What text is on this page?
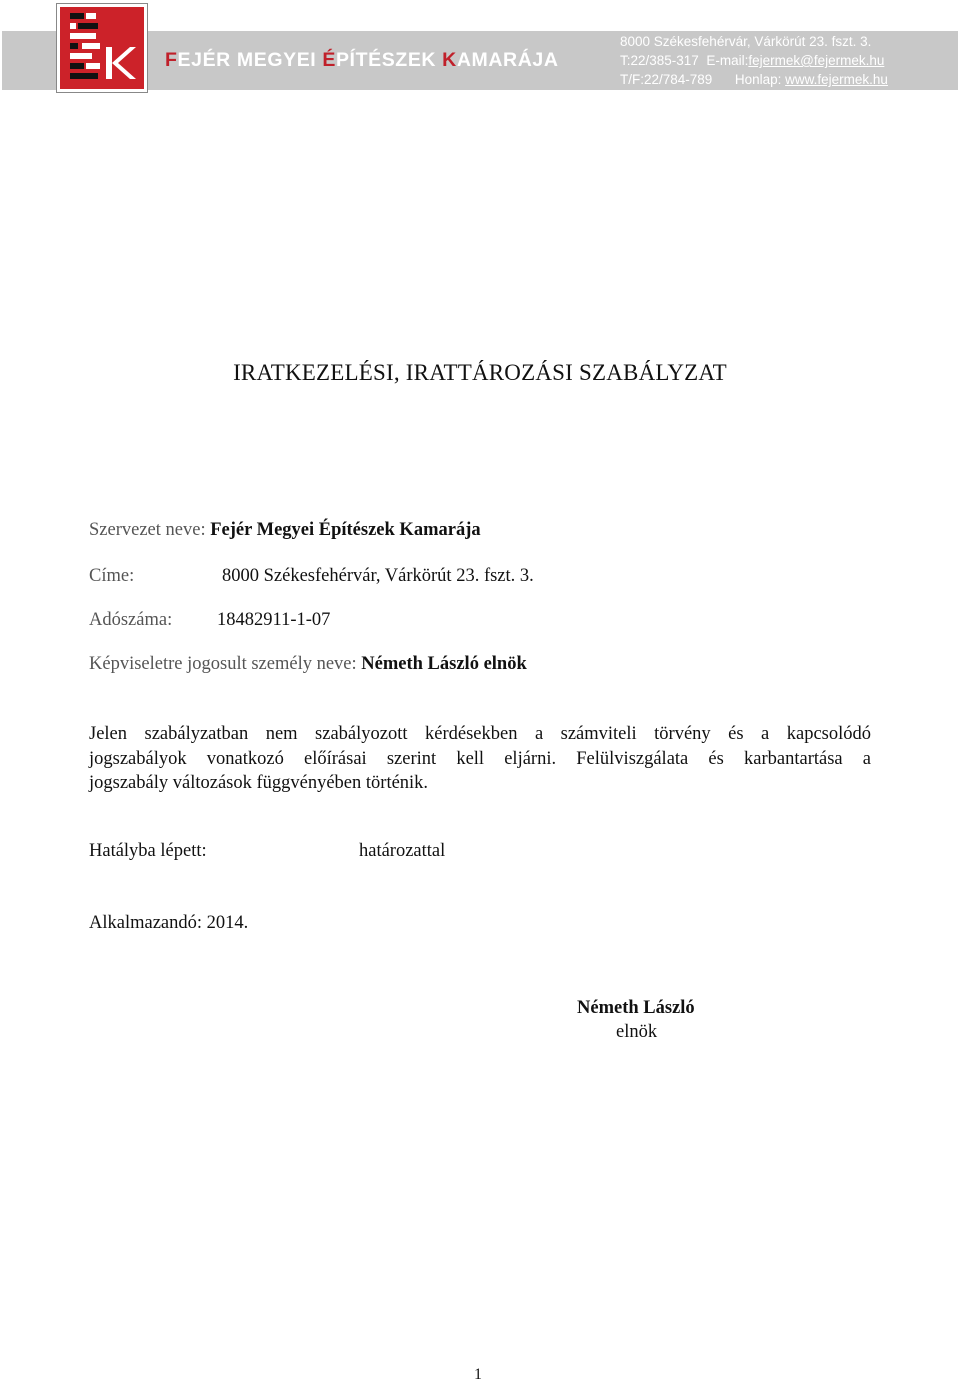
FEJÉR MEGYEI ÉPÍTÉSZEK KAMARÁJA
8000 Székesfehérvár, Várkörút 23. fszt. 3.
T:22/385-317 E-mail:fejermek@fejermek.hu
T/F:22/784-789 Honlap: www.fejermek.hu
IRATKEZELÉSI, IRATTÁROZÁSI SZABÁLYZAT
Szervezet neve: Fejér Megyei Építészek Kamarája
Címe:	8000 Székesfehérvár, Várkörút 23. fszt. 3.
Adószáma: 18482911-1-07
Képviseletre jogosult személy neve: Németh László elnök
Jelen szabályzatban nem szabályozott kérdésekben a számviteli törvény és a kapcsolódó
jogszabályok vonatkozó előírásai szerint kell eljárni. Felülviszgálata és karbantartása a
jogszabály változások függvényében történik.
Hatályba lépett:	határozattal
Alkalmazandó: 2014.
Németh László
elnök
1
